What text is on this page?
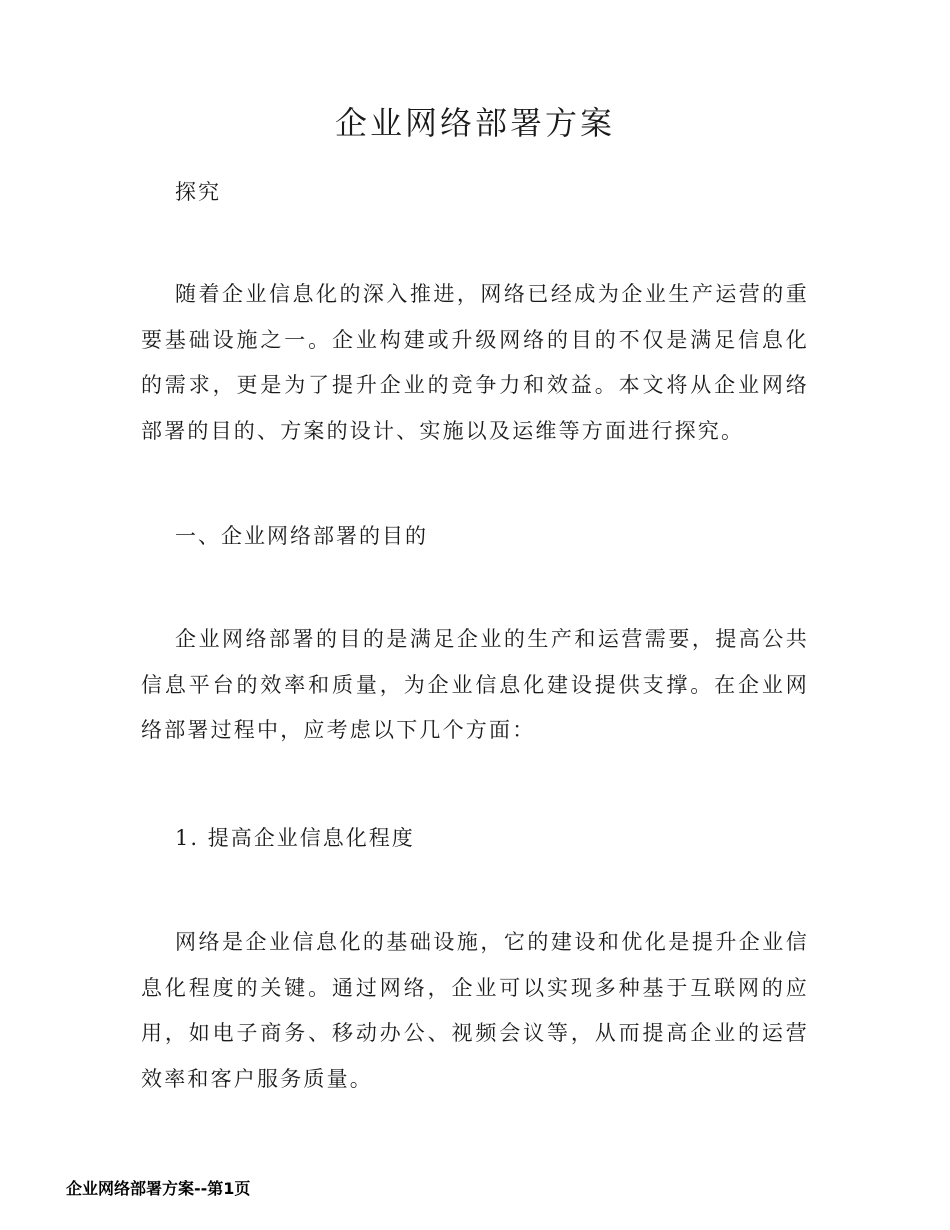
企业网络部署方案

探究

随着企业信息化的深入推进，网络已经成为企业生产运营的重要基础设施之一。企业构建或升级网络的目的不仅是满足信息化的需求，更是为了提升企业的竞争力和效益。本文将从企业网络部署的目的、方案的设计、实施以及运维等方面进行探究。

一、企业网络部署的目的

企业网络部署的目的是满足企业的生产和运营需要，提高公共信息平台的效率和质量，为企业信息化建设提供支撑。在企业网络部署过程中，应考虑以下几个方面：

1. 提高企业信息化程度

网络是企业信息化的基础设施，它的建设和优化是提升企业信息化程度的关键。通过网络，企业可以实现多种基于互联网的应用，如电子商务、移动办公、视频会议等，从而提高企业的运营效率和客户服务质量。

企业网络部署方案--第1页
